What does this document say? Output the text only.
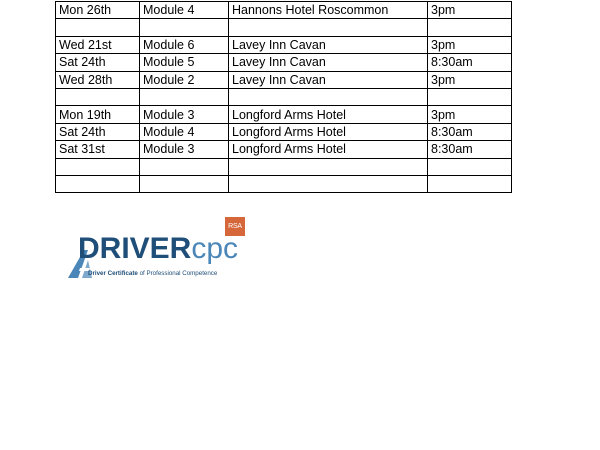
Mon 26th	Module 4	Hannons Hotel Roscommon	3pm

Wed 21st	Module 6	Lavey Inn Cavan	3pm
Sat 24th	Module 5	Lavey Inn Cavan	8:30am
Wed 28th	Module 2	Lavey Inn Cavan	3pm

Mon 19th	Module 3	Longford Arms Hotel	3pm
Sat 24th	Module 4	Longford Arms Hotel	8:30am
Sat 31st	Module 3	Longford Arms Hotel	8:30am

RSA
DRIVERcpc
Driver Certificate of Professional Competence
